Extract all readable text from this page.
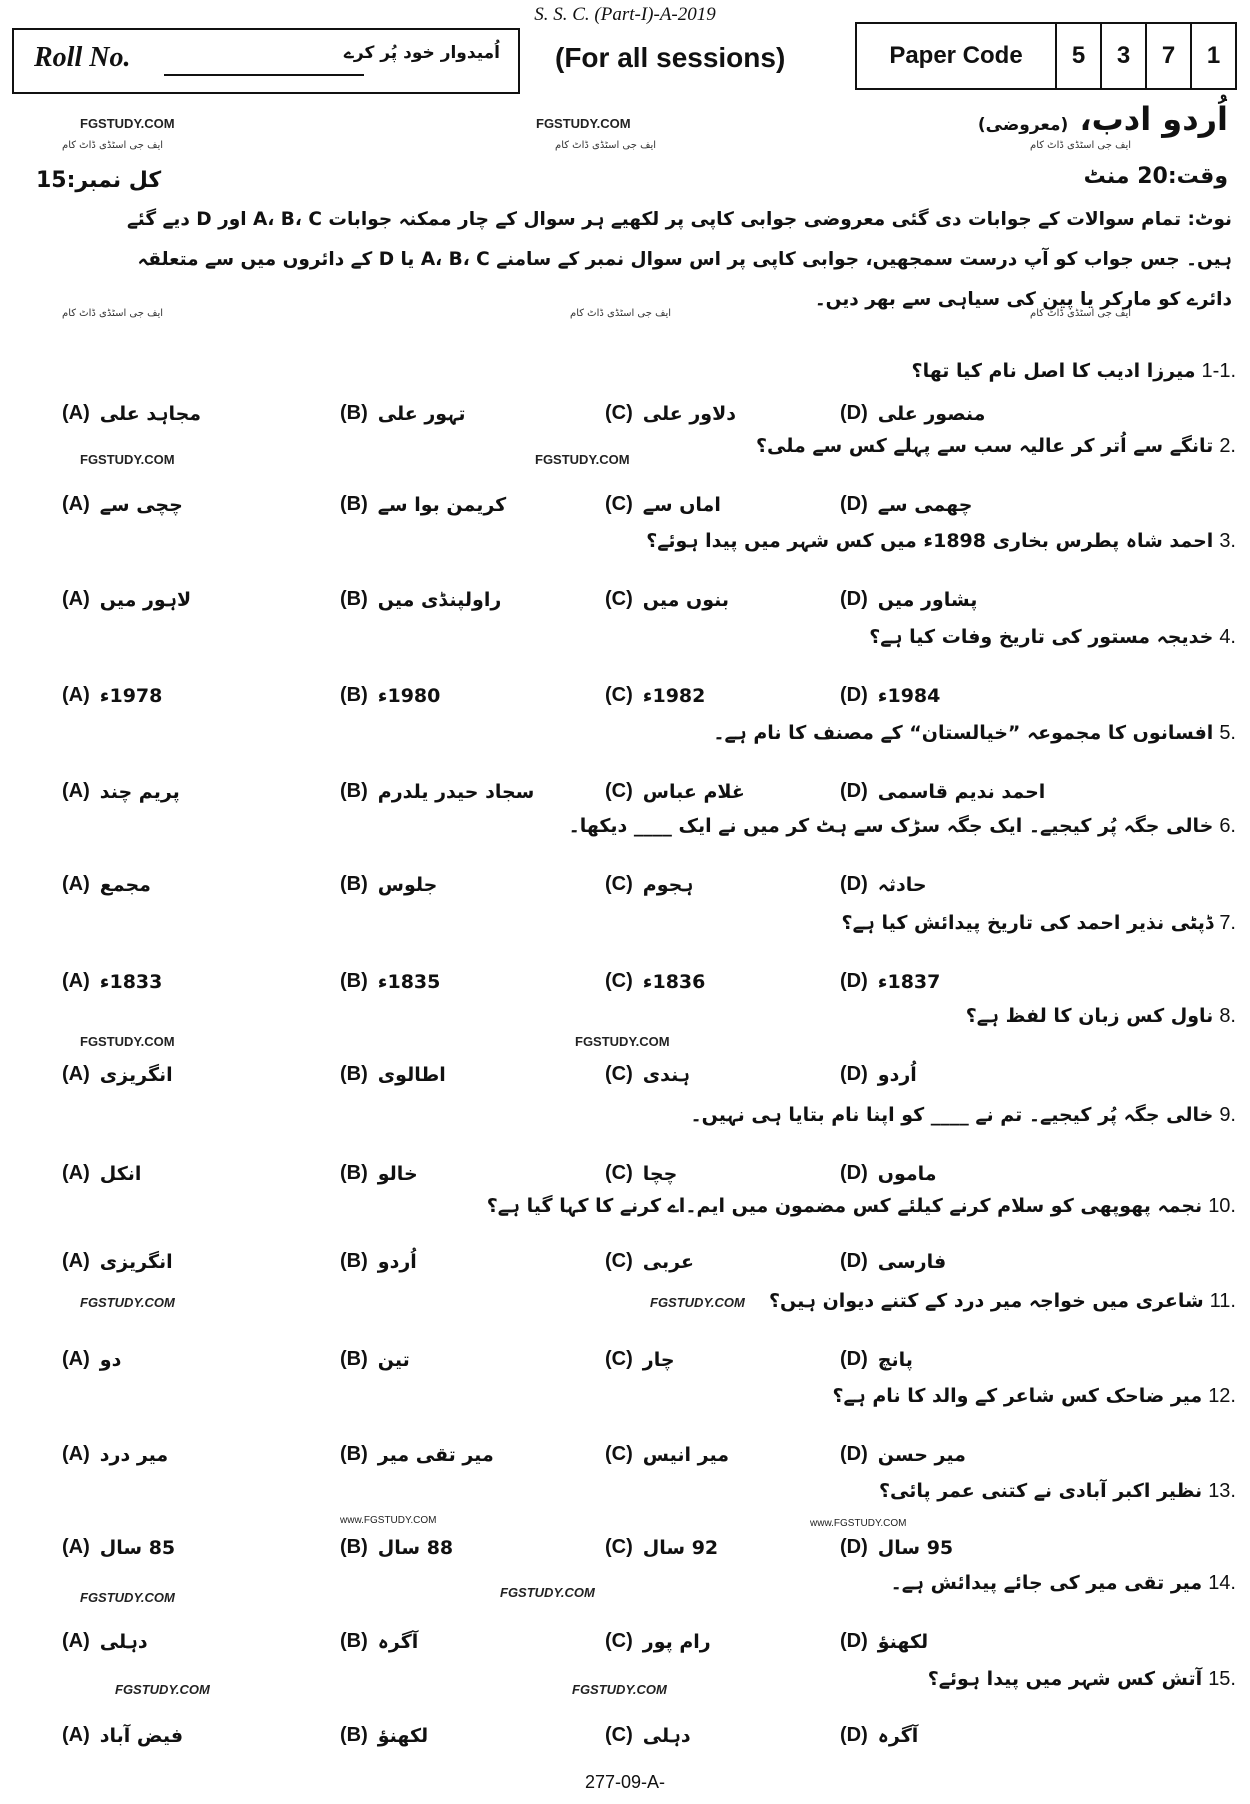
S. S. C. (Part-I)-A-2019
Roll No.	اُمیدوار خود پُر کرے (For all sessions)	Paper Code	5	3	7	1
اُردو ادب، (معروضی)
FGSTUDY.COM	FGSTUDY.COM
ایف جی اسٹڈی ڈاٹ کام	ایف جی اسٹڈی ڈاٹ کام	ایف جی اسٹڈی ڈاٹ کام
وقت:20 منٹ
کل نمبر:15
نوٹ: تمام سوالات کے جوابات دی گئی معروضی جوابی کاپی پر لکھیے ہر سوال کے چار ممکنہ جوابات A، B، C اور D دیے گئے ہیں۔ جس جواب کو آپ درست سمجھیں، جوابی کاپی پر اس سوال نمبر کے سامنے A، B، C یا D کے دائروں میں سے متعلقہ دائرے کو مارکر یا پین کی سیاہی سے بھر دیں۔
ایف جی اسٹڈی ڈاٹ کام	ایف جی اسٹڈی ڈاٹ کام	ایف جی اسٹڈی ڈاٹ کام
FGSTUDY.COM	FGSTUDY.COM
FGSTUDY.COM
FGSTUDY.COM
FGSTUDY.COM	FGSTUDY.COM
FGSTUDY.COM	FGSTUDY.COM
FGSTUDY.COM	FGSTUDY.COM
www.FGSTUDY.COM	www.FGSTUDY.COM
1-1.
میرزا ادیب کا اصل نام کیا تھا؟
(A) مجاہد علی	(B) تہور علی	(C) دلاور علی	(D) منصور علی
2.
تانگے سے اُتر کر عالیہ سب سے پہلے کس سے ملی؟
(A) چچی سے	(B) کریمن بوا سے	(C) اماں سے	(D) چھمی سے
3.
احمد شاہ پطرس بخاری 1898ء میں کس شہر میں پیدا ہوئے؟
(A) لاہور میں	(B) راولپنڈی میں	(C) بنوں میں	(D) پشاور میں
4.
خدیجہ مستور کی تاریخ وفات کیا ہے؟
(A) 1978ء	(B) 1980ء	(C) 1982ء	(D) 1984ء
5.
افسانوں کا مجموعہ ”خیالستان“ کے مصنف کا نام ہے۔
(A) پریم چند	(B) سجاد حیدر یلدرم	(C) غلام عباس	(D) احمد ندیم قاسمی
6.
خالی جگہ پُر کیجیے۔ ایک جگہ سڑک سے ہٹ کر میں نے ایک ____ دیکھا۔
(A) مجمع	(B) جلوس	(C) ہجوم	(D) حادثہ
7.
ڈپٹی نذیر احمد کی تاریخ پیدائش کیا ہے؟
(A) 1833ء	(B) 1835ء	(C) 1836ء	(D) 1837ء
8.
ناول کس زبان کا لفظ ہے؟
(A) انگریزی	(B) اطالوی	(C) ہندی	(D) اُردو
9.
خالی جگہ پُر کیجیے۔ تم نے ____ کو اپنا نام بتایا ہی نہیں۔
(A) انکل	(B) خالو	(C) چچا	(D) ماموں
10.
نجمہ پھوپھی کو سلام کرنے کیلئے کس مضمون میں ایم۔اے کرنے کا کہا گیا ہے؟
(A) انگریزی	(B) اُردو	(C) عربی	(D) فارسی
11.
شاعری میں خواجہ میر درد کے کتنے دیوان ہیں؟
(A) دو	(B) تین	(C) چار	(D) پانچ
12.
میر ضاحک کس شاعر کے والد کا نام ہے؟
(A) میر درد	(B) میر تقی میر	(C) میر انیس	(D) میر حسن
13.
نظیر اکبر آبادی نے کتنی عمر پائی؟
(A) 85 سال	(B) 88 سال	(C) 92 سال	(D) 95 سال
14.
میر تقی میر کی جائے پیدائش ہے۔
(A) دہلی	(B) آگرہ	(C) رام پور	(D) لکھنؤ
15.
آتش کس شہر میں پیدا ہوئے؟
(A) فیض آباد	(B) لکھنؤ	(C) دہلی	(D) آگرہ
277-09-A-
